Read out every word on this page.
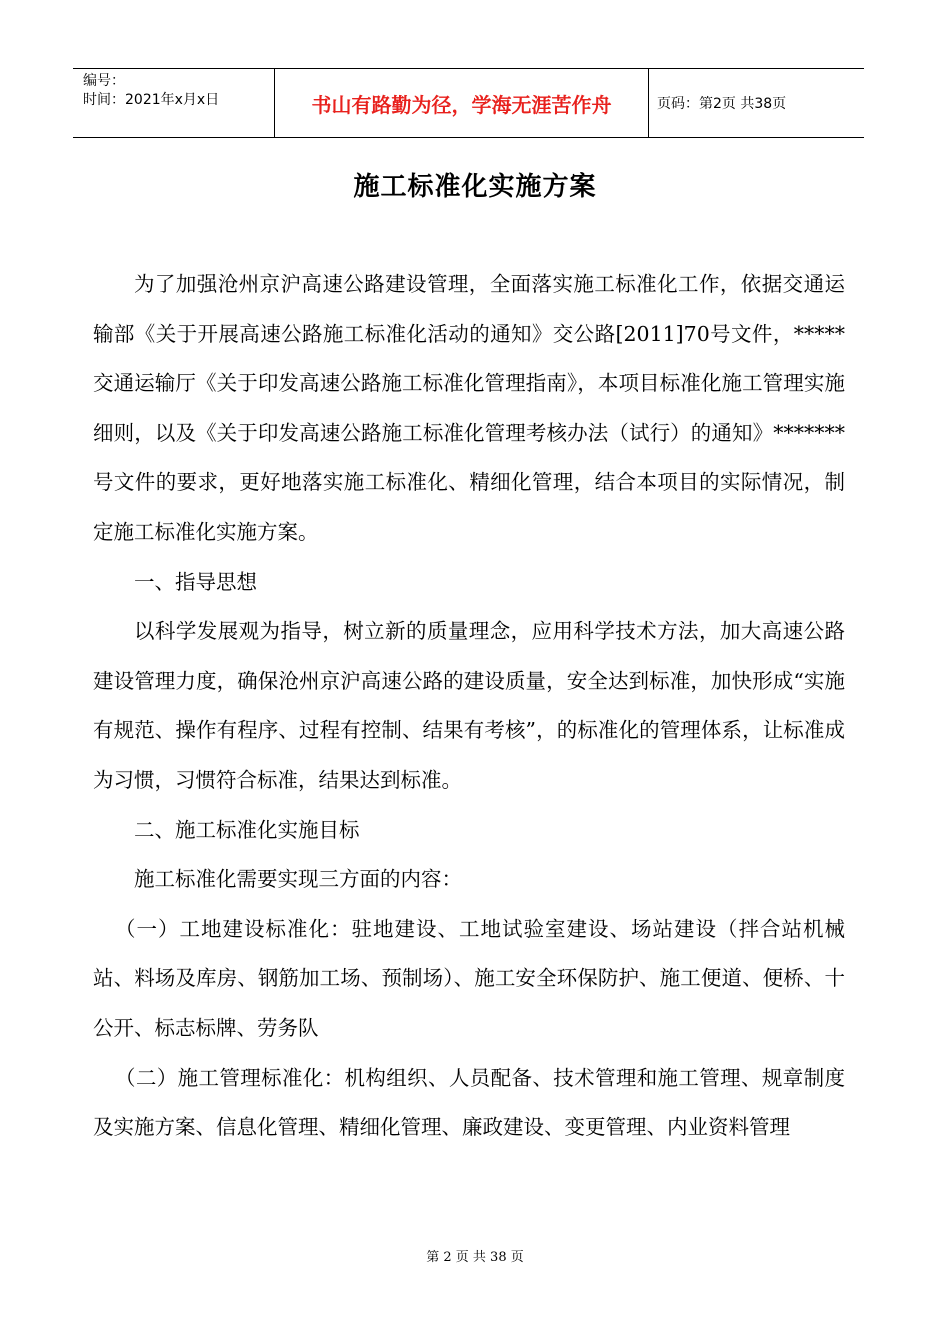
编号：
时间：2021年x月x日	书山有路勤为径，学海无涯苦作舟	页码：第2页 共38页
施工标准化实施方案

为了加强沧州京沪高速公路建设管理，全面落实施工标准化工作，依据交通运输部《关于开展高速公路施工标准化活动的通知》交公路[2011]70号文件，*****交通运输厅《关于印发高速公路施工标准化管理指南》，本项目标准化施工管理实施细则，以及《关于印发高速公路施工标准化管理考核办法（试行）的通知》*******号文件的要求，更好地落实施工标准化、精细化管理，结合本项目的实际情况，制定施工标准化实施方案。

一、指导思想

以科学发展观为指导，树立新的质量理念，应用科学技术方法，加大高速公路建设管理力度，确保沧州京沪高速公路的建设质量，安全达到标准，加快形成“实施有规范、操作有程序、过程有控制、结果有考核”，的标准化的管理体系，让标准成为习惯，习惯符合标准，结果达到标准。

二、施工标准化实施目标

施工标准化需要实现三方面的内容：

（一）工地建设标准化：驻地建设、工地试验室建设、场站建设（拌合站机械站、料场及库房、钢筋加工场、预制场）、施工安全环保防护、施工便道、便桥、十公开、标志标牌、劳务队

（二）施工管理标准化：机构组织、人员配备、技术管理和施工管理、规章制度及实施方案、信息化管理、精细化管理、廉政建设、变更管理、内业资料管理

第 2 页 共 38 页
